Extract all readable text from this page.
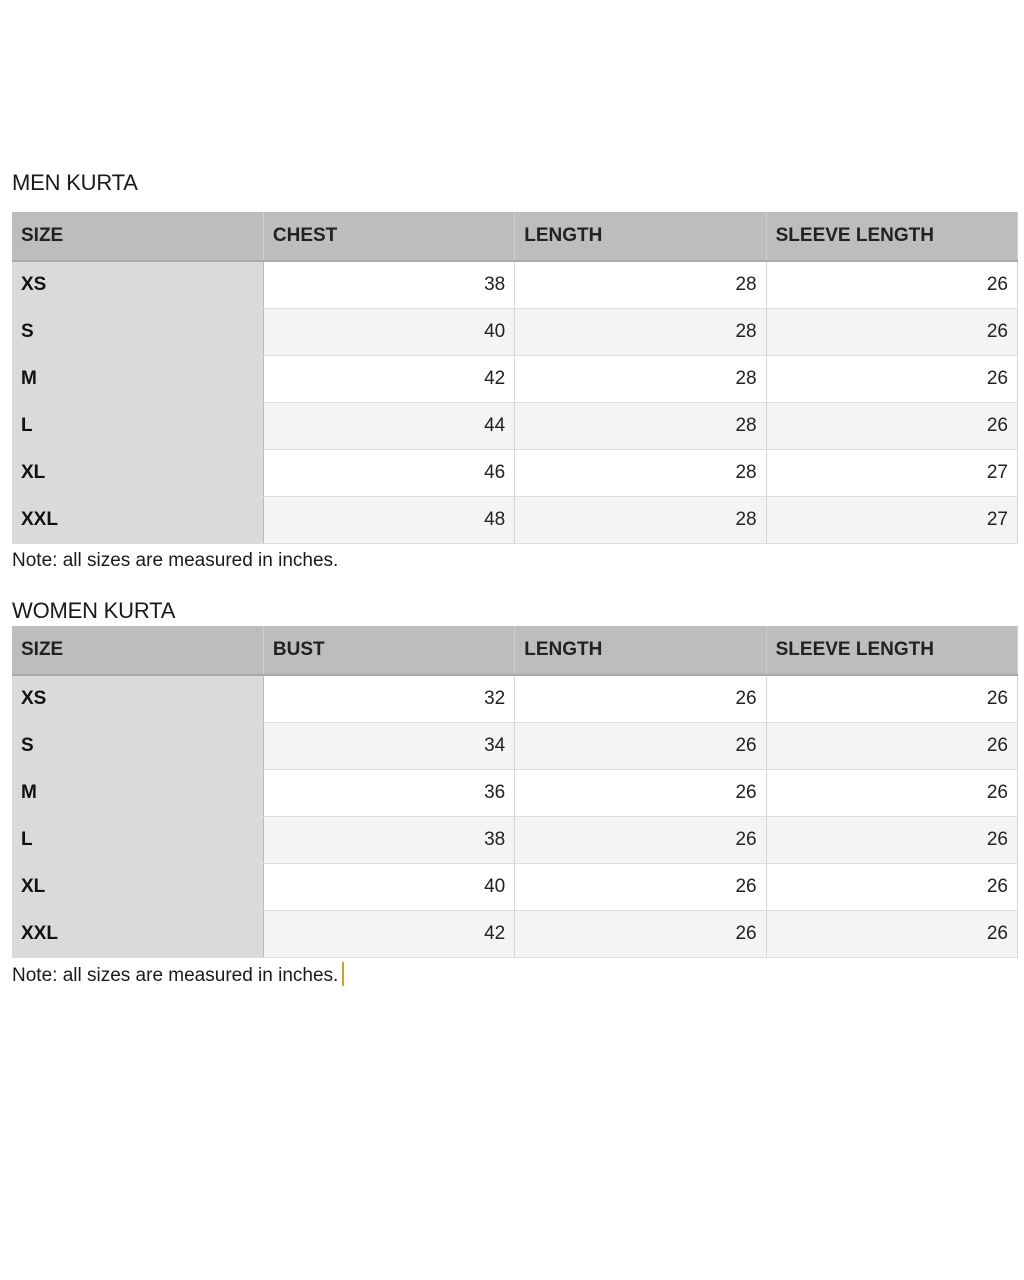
MEN KURTA
SIZE	CHEST	LENGTH	SLEEVE LENGTH
XS	38	28	26
S	40	28	26
M	42	28	26
L	44	28	26
XL	46	28	27
XXL	48	28	27
Note: all sizes are measured in inches.
WOMEN KURTA
SIZE	BUST	LENGTH	SLEEVE LENGTH
XS	32	26	26
S	34	26	26
M	36	26	26
L	38	26	26
XL	40	26	26
XXL	42	26	26
Note: all sizes are measured in inches.
